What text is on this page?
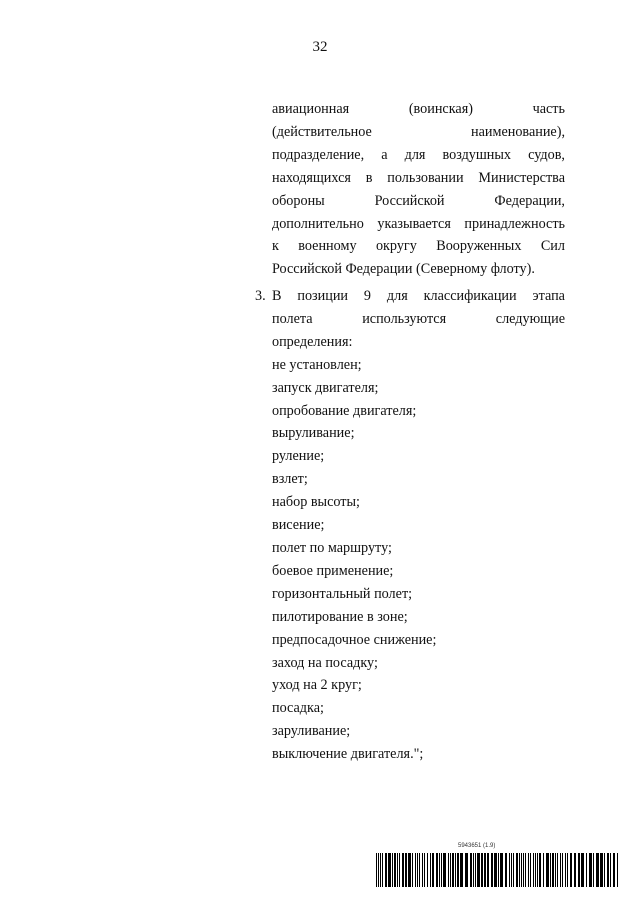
32
авиационная	(воинская)	часть
(действительное	наименование),
подразделение, а для воздушных судов,
находящихся в пользовании Министерства
обороны	Российской	Федерации,
дополнительно указывается принадлежность
к военному округу Вооруженных Сил
Российской Федерации (Северному флоту).
3. В позиции 9 для классификации этапа
полета	используются	следующие
определения:
не установлен;
запуск двигателя;
опробование двигателя;
выруливание;
руление;
взлет;
набор высоты;
висение;
полет по маршруту;
боевое применение;
горизонтальный полет;
пилотирование в зоне;
предпосадочное снижение;
заход на посадку;
уход на 2 круг;
посадка;
заруливание;
выключение двигателя.";
5943651 (1.9)
